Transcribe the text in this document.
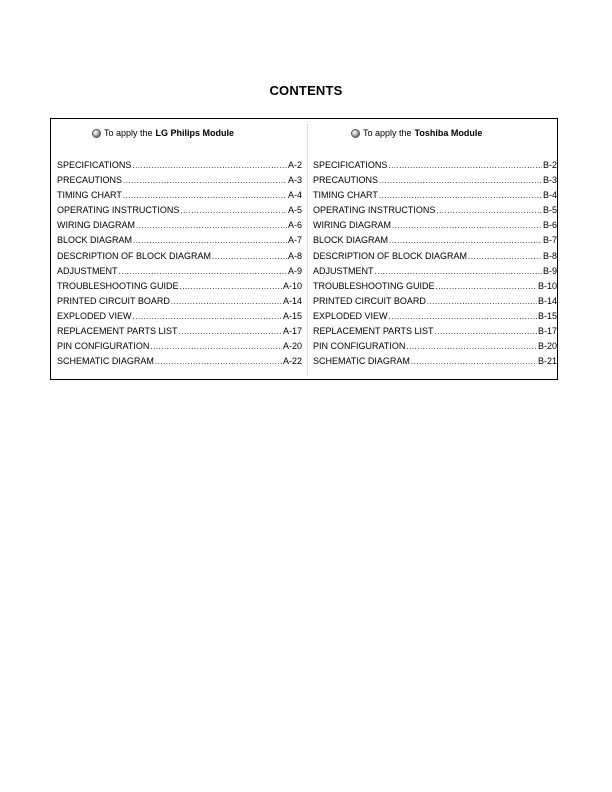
CONTENTS
To apply the LG Philips Module	To apply the Toshiba Module
SPECIFICATIONS .....	A-2
PRECAUTIONS .....	A-3
TIMING CHART .....	A-4
OPERATING INSTRUCTIONS .....	A-5
WIRING DIAGRAM .....	A-6
BLOCK DIAGRAM .....	A-7
DESCRIPTION OF BLOCK DIAGRAM .....	A-8
ADJUSTMENT .....	A-9
TROUBLESHOOTING GUIDE .....	A-10
PRINTED CIRCUIT BOARD .....	A-14
EXPLODED VIEW .....	A-15
REPLACEMENT PARTS LIST .....	A-17
PIN CONFIGURATION .....	A-20
SCHEMATIC DIAGRAM .....	A-22
SPECIFICATIONS .....	B-2
PRECAUTIONS .....	B-3
TIMING CHART .....	B-4
OPERATING INSTRUCTIONS .....	B-5
WIRING DIAGRAM .....	B-6
BLOCK DIAGRAM .....	B-7
DESCRIPTION OF BLOCK DIAGRAM .....	B-8
ADJUSTMENT .....	B-9
TROUBLESHOOTING GUIDE .....	B-10
PRINTED CIRCUIT BOARD .....	B-14
EXPLODED VIEW .....	B-15
REPLACEMENT PARTS LIST .....	B-17
PIN CONFIGURATION .....	B-20
SCHEMATIC DIAGRAM .....	B-21
